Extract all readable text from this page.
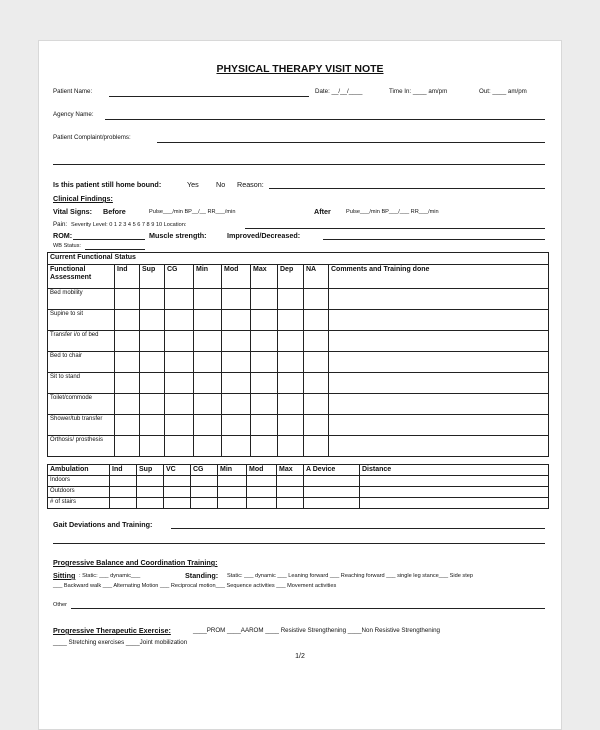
PHYSICAL THERAPY VISIT NOTE
Patient Name:	Date: __/__/____	Time In: ____ am/pm	Out: ____ am/pm
Agency Name:
Patient Complaint/problems:
Is this patient still home bound:	Yes No Reason:
Clinical Findings:
Vital Signs: Before	Pulse___/min BP__/__ RR___/min	After	Pulse___/min BP___/___ RR___/min
Pain: Severity Level: 0 1 2 3 4 5 6 7 8 9 10 Location:
ROM:	Muscle strength:	Improved/Decreased:
WB Status:
Current Functional Status									
Functional Assessment	Ind	Sup	CG	Min	Mod	Max	Dep	NA	Comments and Training done
Bed mobility									
Supine to sit									
Transfer i/o of bed									
Bed to chair									
Sit to stand									
Toilet/commode									
Shower/tub transfer									
Orthosis/ prosthesis									
Ambulation	Ind	Sup	VC	CG	Min	Mod	Max	A Device	Distance
Indoors									
Outdoors									
# of stairs									
Gait Deviations and Training:
Progressive Balance and Coordination Training:
Sitting : Static: ___ dynamic___	Standing: Static: ___ dynamic ___ Leaning forward ___ Reaching forward ___ single leg stance___ Side step
___ Backward walk ___ Alternating Motion ___ Reciprocal motion___ Sequence activities ___ Movement activities
Other
Progressive Therapeutic Exercise:	____PROM ____AAROM ____ Resistive Strengthening ____Non Resistive Strengthening
____ Stretching exercises ____Joint mobilization
1/2
